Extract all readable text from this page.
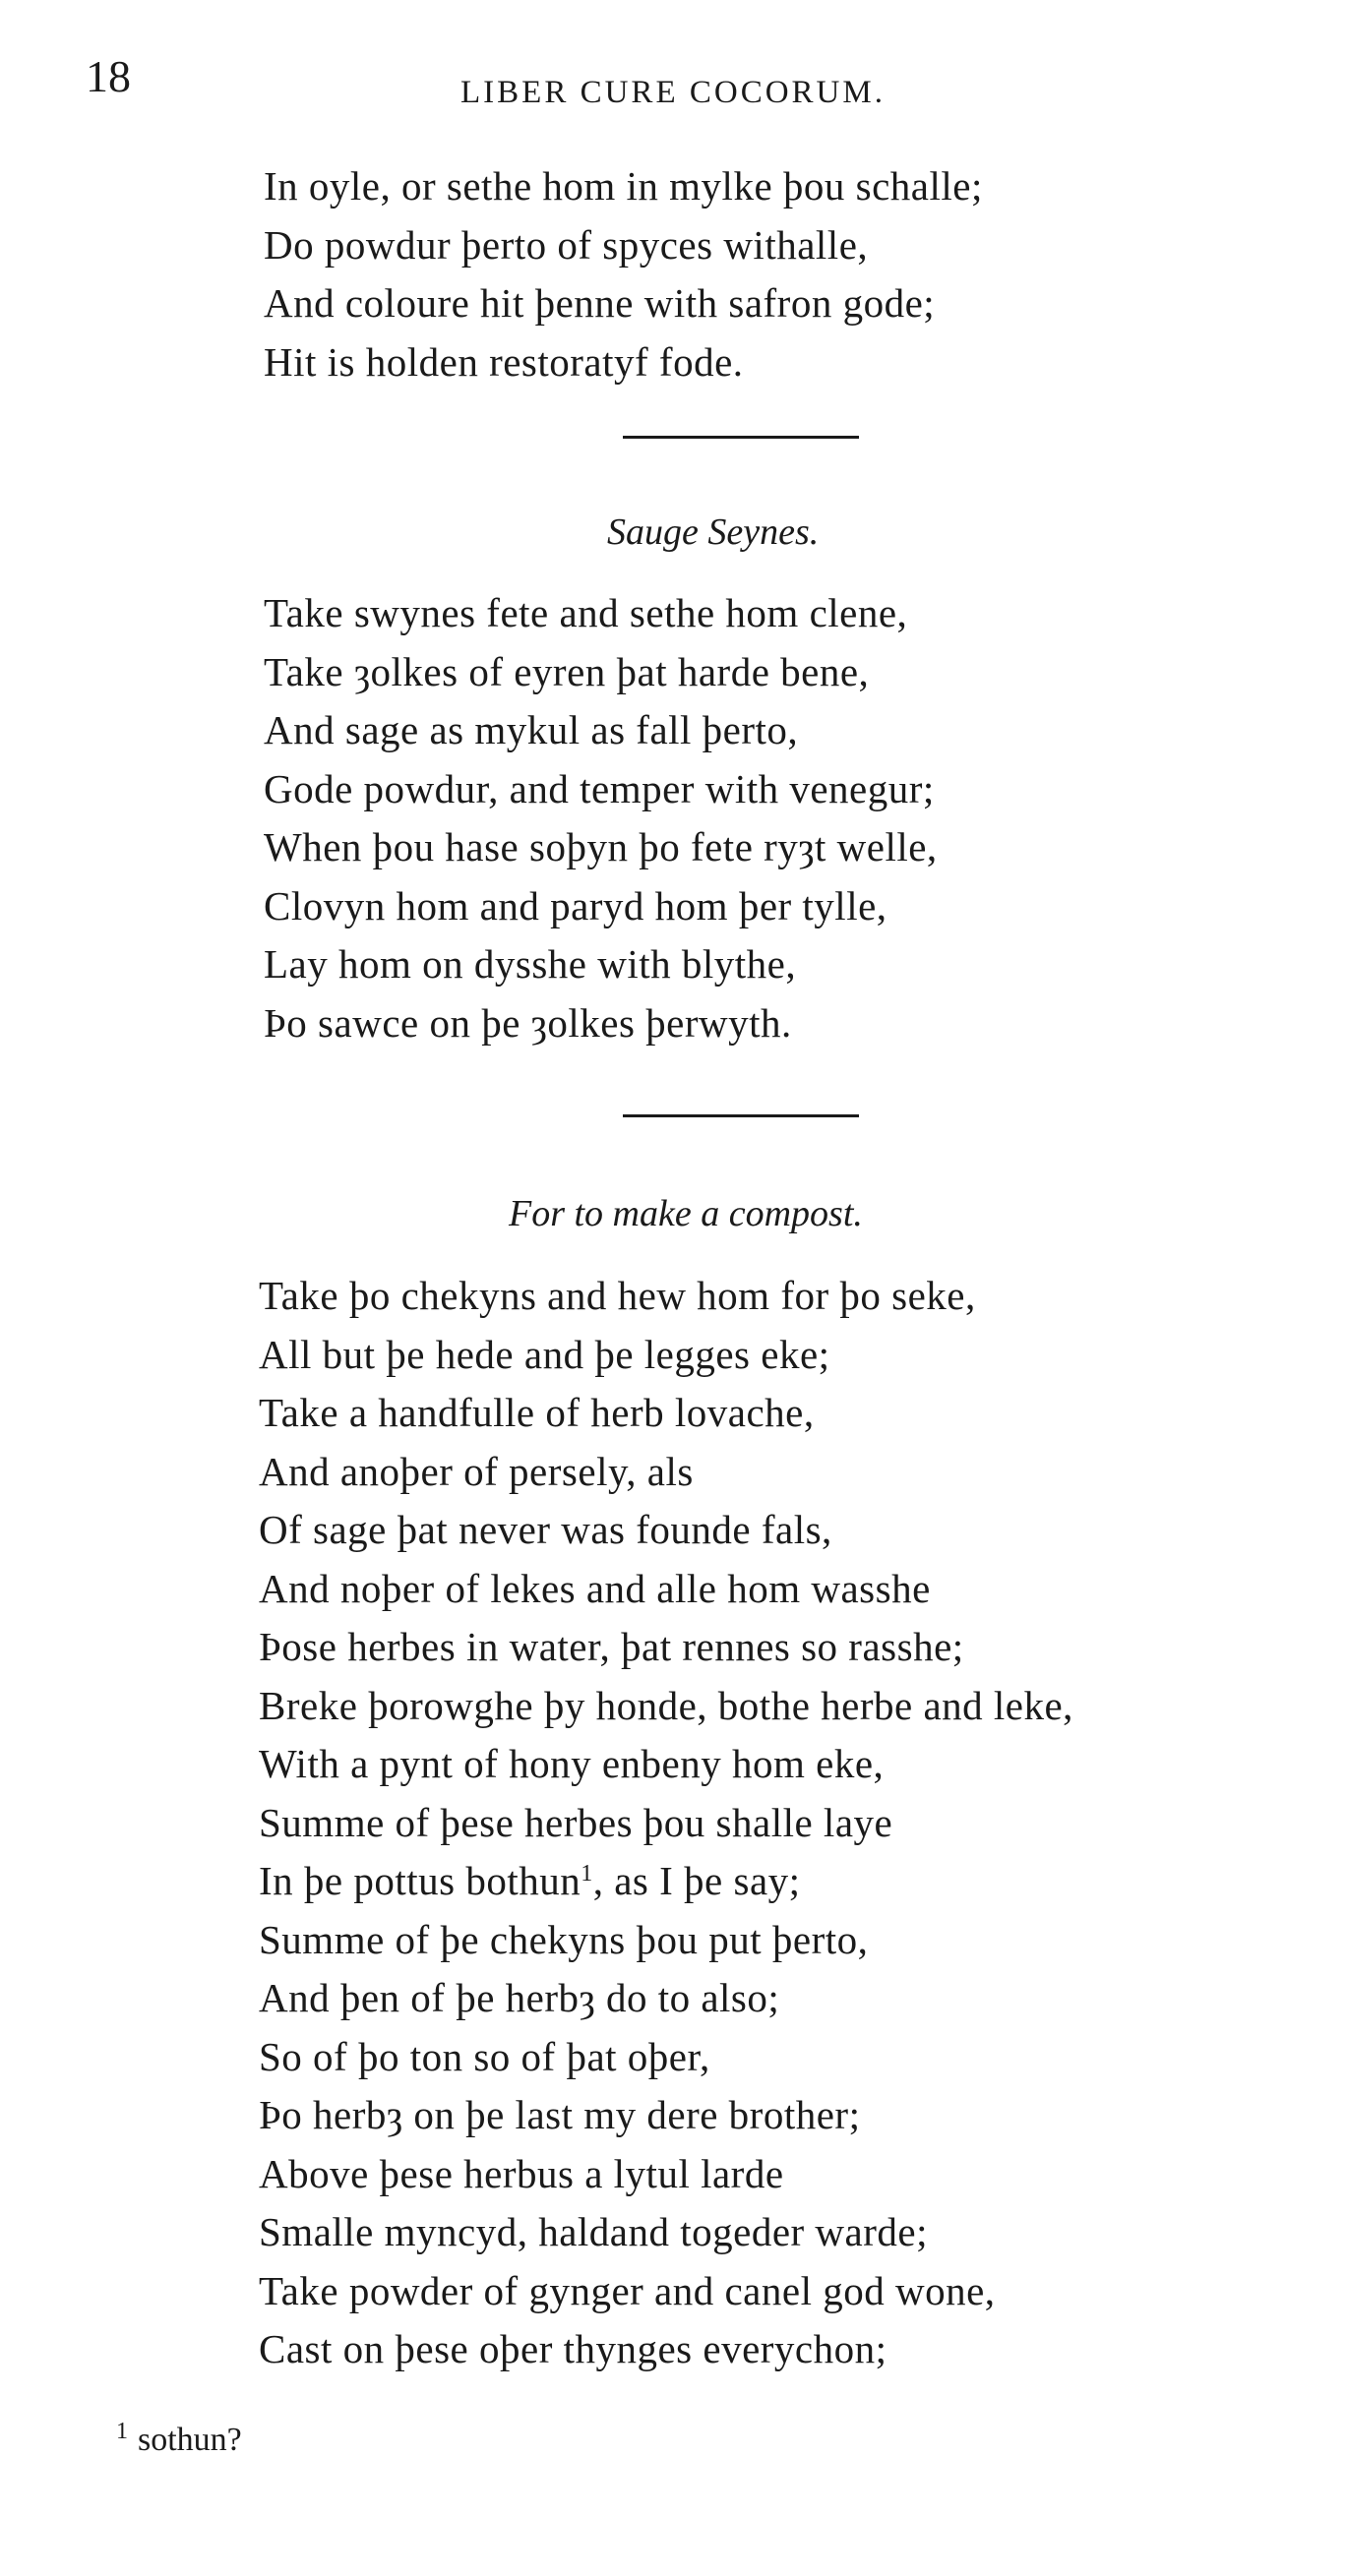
18	LIBER CURE COCORUM.
In oyle, or sethe hom in mylke þou schalle;
Do powdur þerto of spyces withalle,
And coloure hit þenne with safron gode;
Hit is holden restoratyf fode.
Sauge Seynes.
Take swynes fete and sethe hom clene,
Take ȝolkes of eyren þat harde bene,
And sage as mykul as fall þerto,
Gode powdur, and temper with venegur;
When þou hase soþyn þo fete ryȝt welle,
Clovyn hom and paryd hom þer tylle,
Lay hom on dysshe with blythe,
Þo sawce on þe ȝolkes þerwyth.
For to make a compost.
Take þo chekyns and hew hom for þo seke,
All but þe hede and þe legges eke;
Take a handfulle of herb lovache,
And anoþer of persely, als
Of sage þat never was founde fals,
And noþer of lekes and alle hom wasshe
Þose herbes in water, þat rennes so rasshe;
Breke þorowghe þy honde, bothe herbe and leke,
With a pynt of hony enbeny hom eke,
Summe of þese herbes þou shalle laye
In þe pottus bothun$^1$, as I þe say;
Summe of þe chekyns þou put þerto,
And þen of þe herbȝ do to also;
So of þo ton so of þat oþer,
Þo herbȝ on þe last my dere brother;
Above þese herbus a lytul larde
Smalle myncyd, haldand togeder warde;
Take powder of gynger and canel god wone,
Cast on þese oþer thynges everychon;
$^1$ sothun?
